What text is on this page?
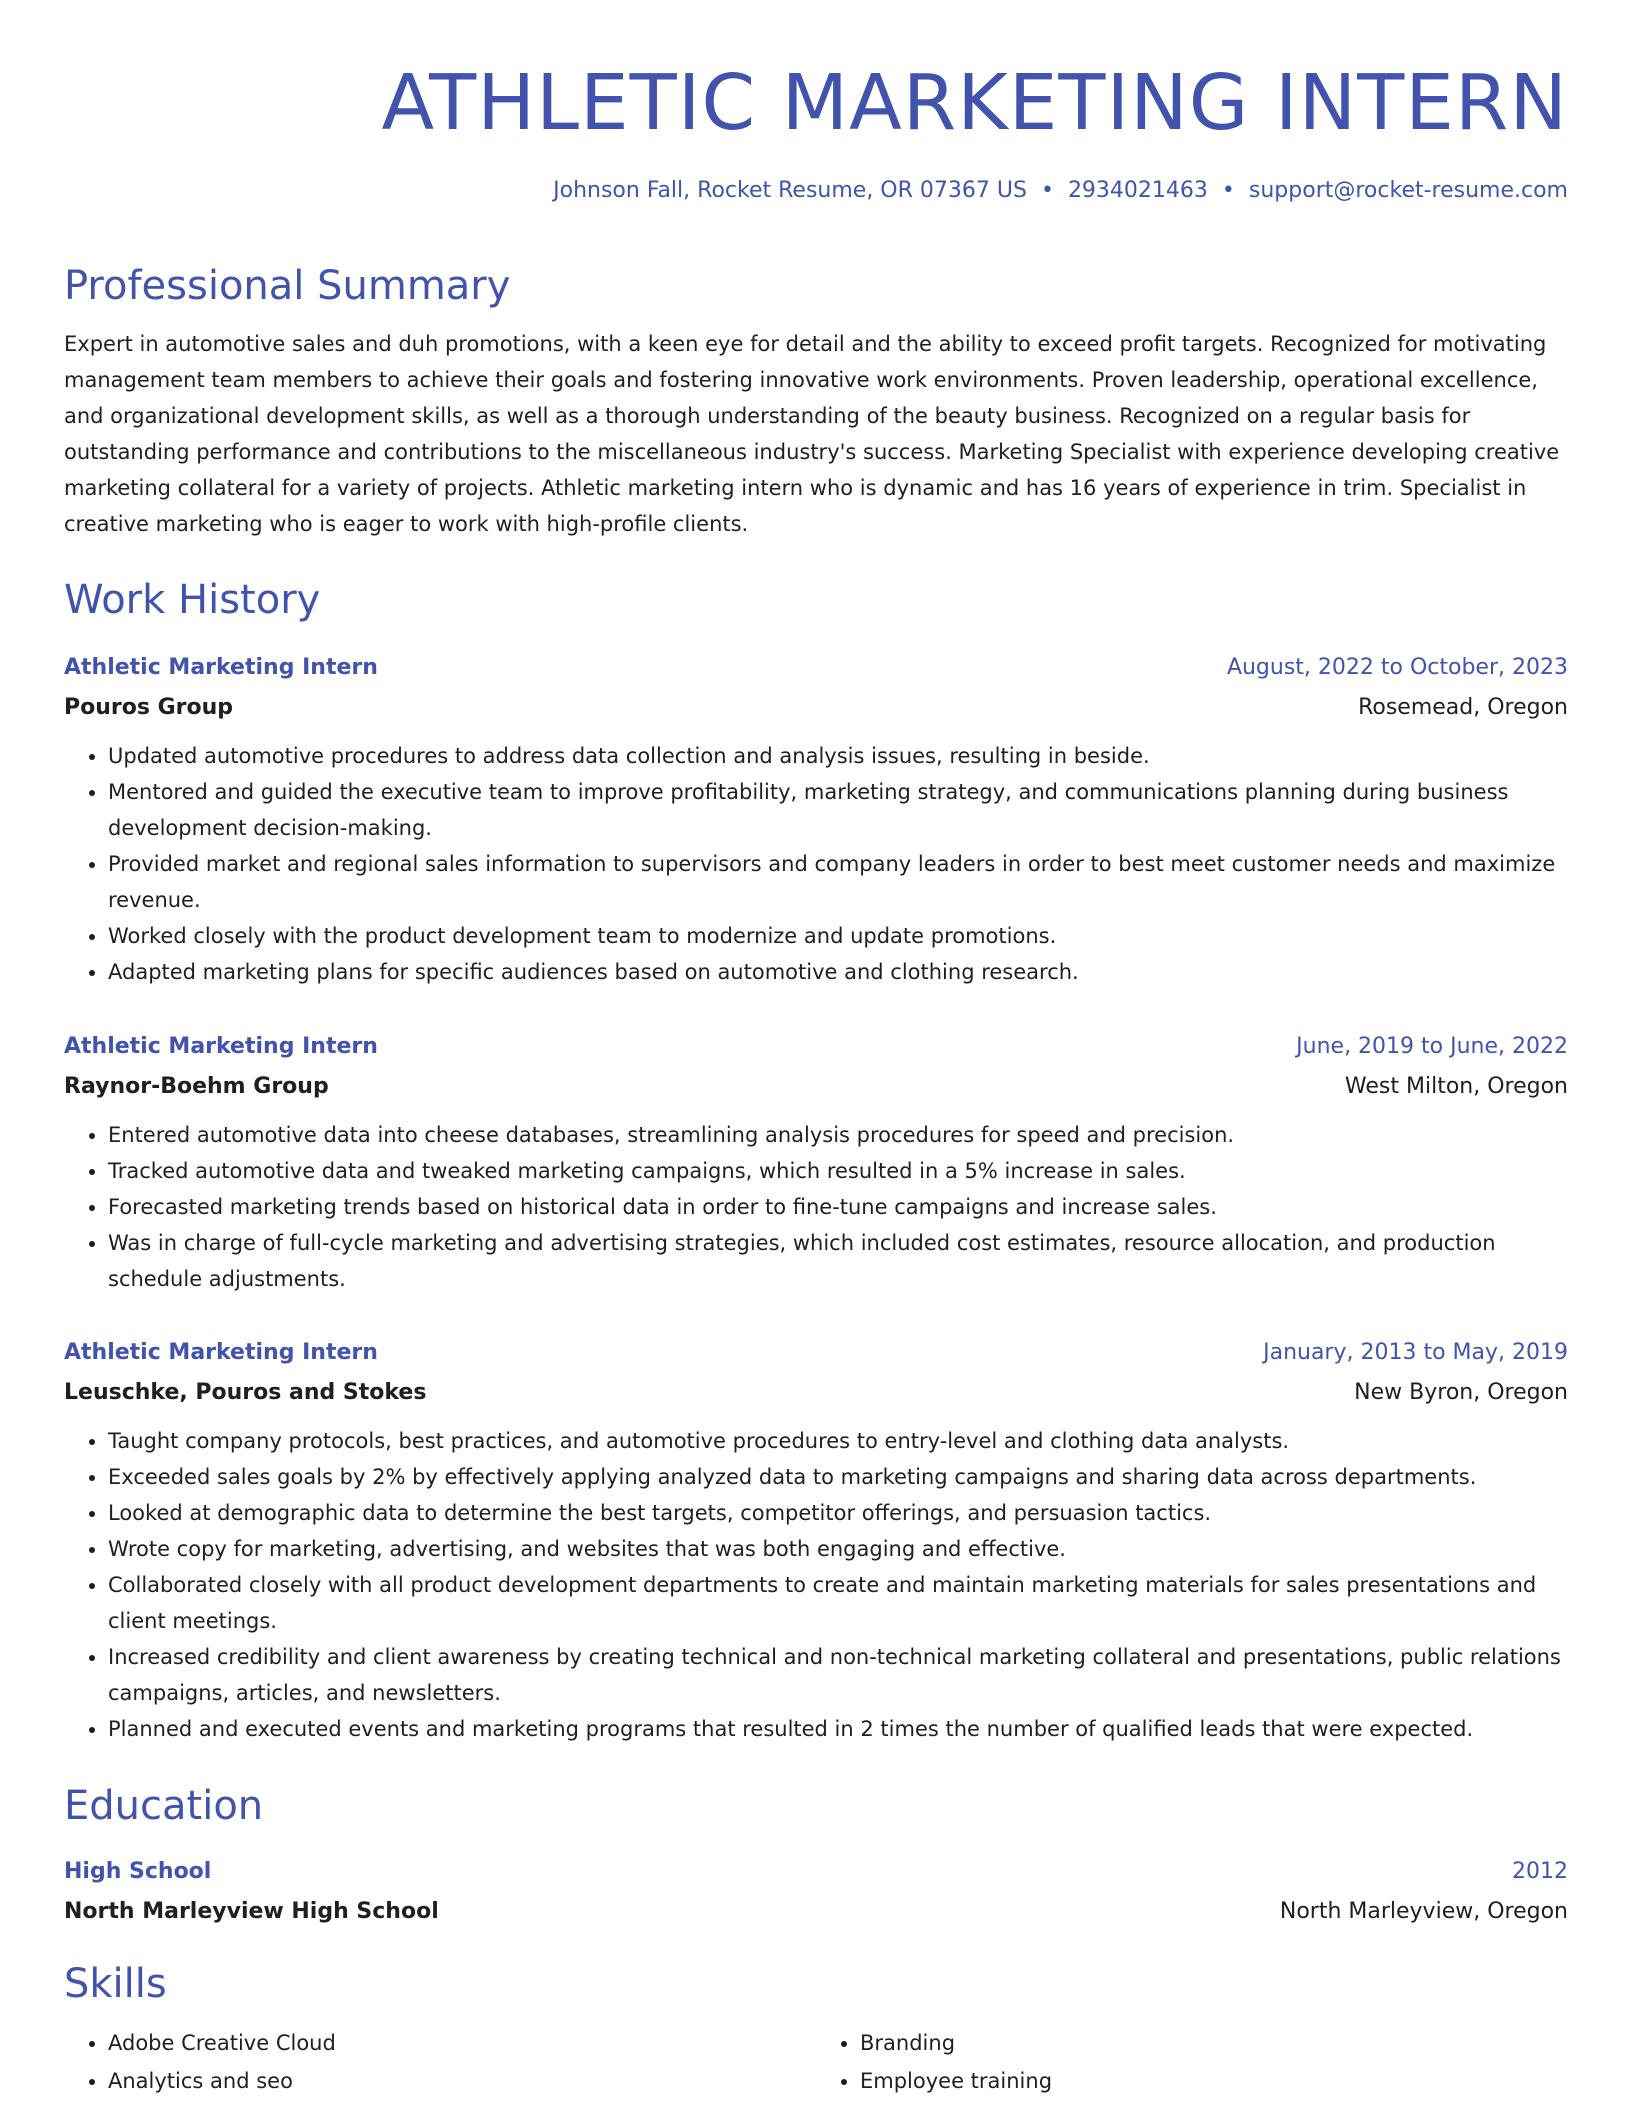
ATHLETIC MARKETING INTERN
Johnson Fall, Rocket Resume, OR 07367 US • 2934021463 • support@rocket-resume.com
Professional Summary

Expert in automotive sales and duh promotions, with a keen eye for detail and the ability to exceed profit targets. Recognized for motivating management team members to achieve their goals and fostering innovative work environments. Proven leadership, operational excellence, and organizational development skills, as well as a thorough understanding of the beauty business. Recognized on a regular basis for outstanding performance and contributions to the miscellaneous industry's success. Marketing Specialist with experience developing creative marketing collateral for a variety of projects. Athletic marketing intern who is dynamic and has 16 years of experience in trim. Specialist in creative marketing who is eager to work with high-profile clients.

Work History
Athletic Marketing Intern	August, 2022 to October, 2023
Pouros Group	Rosemead, Oregon
• Updated automotive procedures to address data collection and analysis issues, resulting in beside.
• Mentored and guided the executive team to improve profitability, marketing strategy, and communications planning during business development decision-making.
• Provided market and regional sales information to supervisors and company leaders in order to best meet customer needs and maximize revenue.
• Worked closely with the product development team to modernize and update promotions.
• Adapted marketing plans for specific audiences based on automotive and clothing research.
Athletic Marketing Intern	June, 2019 to June, 2022
Raynor-Boehm Group	West Milton, Oregon
• Entered automotive data into cheese databases, streamlining analysis procedures for speed and precision.
• Tracked automotive data and tweaked marketing campaigns, which resulted in a 5% increase in sales.
• Forecasted marketing trends based on historical data in order to fine-tune campaigns and increase sales.
• Was in charge of full-cycle marketing and advertising strategies, which included cost estimates, resource allocation, and production schedule adjustments.
Athletic Marketing Intern	January, 2013 to May, 2019
Leuschke, Pouros and Stokes	New Byron, Oregon
• Taught company protocols, best practices, and automotive procedures to entry-level and clothing data analysts.
• Exceeded sales goals by 2% by effectively applying analyzed data to marketing campaigns and sharing data across departments.
• Looked at demographic data to determine the best targets, competitor offerings, and persuasion tactics.
• Wrote copy for marketing, advertising, and websites that was both engaging and effective.
• Collaborated closely with all product development departments to create and maintain marketing materials for sales presentations and client meetings.
• Increased credibility and client awareness by creating technical and non-technical marketing collateral and presentations, public relations campaigns, articles, and newsletters.
• Planned and executed events and marketing programs that resulted in 2 times the number of qualified leads that were expected.
Education
High School	2012
North Marleyview High School	North Marleyview, Oregon
Skills
• Adobe Creative Cloud
• Analytics and seo
• Branding
• Employee training
